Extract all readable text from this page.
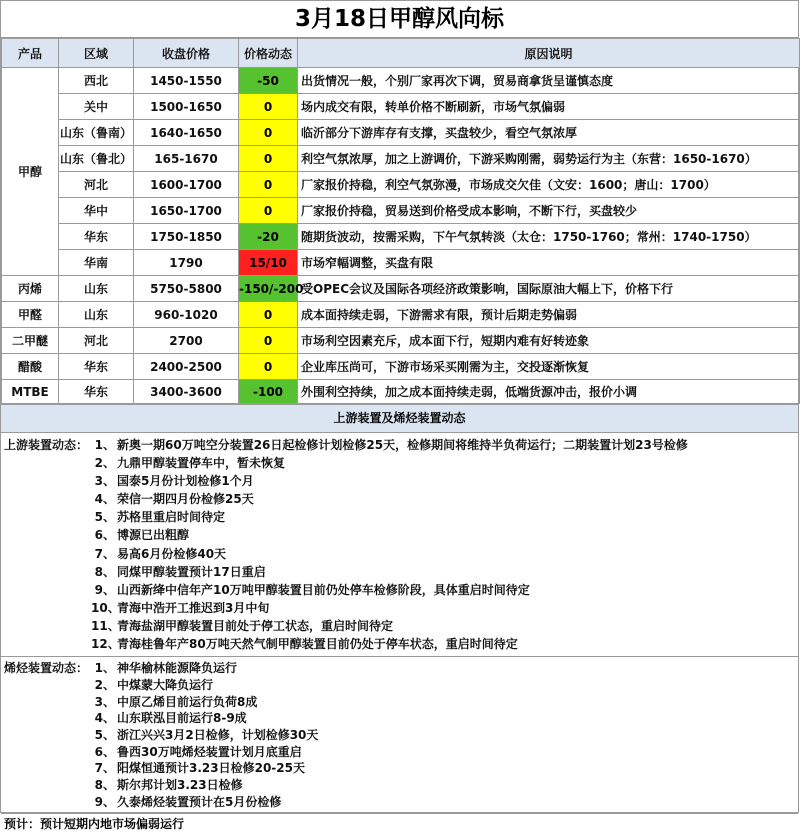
3月18日甲醇风向标
产品	区域	收盘价格	价格动态	原因说明
甲醇	西北	1450-1550	-50	出货情况一般，个别厂家再次下调，贸易商拿货呈谨慎态度
	关中	1500-1650	0	场内成交有限，转单价格不断刷新，市场气氛偏弱
	山东（鲁南）	1640-1650	0	临沂部分下游库存有支撑，买盘较少，看空气氛浓厚
	山东（鲁北）	165-1670	0	利空气氛浓厚，加之上游调价，下游采购刚需，弱势运行为主（东营：1650-1670）
	河北	1600-1700	0	厂家报价持稳，利空气氛弥漫，市场成交欠佳（文安：1600；唐山：1700）
	华中	1650-1700	0	厂家报价持稳，贸易送到价格受成本影响，不断下行，买盘较少
	华东	1750-1850	-20	随期货波动，按需采购，下午气氛转淡（太仓：1750-1760；常州：1740-1750）
	华南	1790	15/10	市场窄幅调整，买盘有限
丙烯	山东	5750-5800	-150/-200	受OPEC会议及国际各项经济政策影响，国际原油大幅上下，价格下行
甲醛	山东	960-1020	0	成本面持续走弱，下游需求有限，预计后期走势偏弱
二甲醚	河北	2700	0	市场利空因素充斥，成本面下行，短期内难有好转迹象
醋酸	华东	2400-2500	0	企业库压尚可，下游市场采买刚需为主，交投逐渐恢复
MTBE	华东	3400-3600	-100	外围利空持续，加之成本面持续走弱，低端货源冲击，报价小调
上游装置及烯烃装置动态
上游装置动态： 1、 新奥一期60万吨空分装置26日起检修计划检修25天，检修期间将维持半负荷运行；二期装置计划23号检修
2、 九鼎甲醇装置停车中，暂未恢复
3、 国泰5月份计划检修1个月
4、 荣信一期四月份检修25天
5、 苏格里重启时间待定
6、 博源已出粗醇
7、 易高6月份检修40天
8、 同煤甲醇装置预计17日重启
9、 山西新绛中信年产10万吨甲醇装置目前仍处停车检修阶段，具体重启时间待定
10、
青海中浩开工推迟到3月中旬
11、
青海盐湖甲醇装置目前处于停工状态，重启时间待定
12、
青海桂鲁年产80万吨天然气制甲醇装置目前仍处于停车状态，重启时间待定
烯烃装置动态： 1、 神华榆林能源降负运行
2、 中煤蒙大降负运行
3、 中原乙烯目前运行负荷8成
4、 山东联泓目前运行8-9成
5、 浙江兴兴3月2日检修，计划检修30天
6、 鲁西30万吨烯烃装置计划月底重启
7、 阳煤恒通预计3.23日检修20-25天
8、 斯尔邦计划3.23日检修
9、 久泰烯烃装置预计在5月份检修
预计：预计短期内地市场偏弱运行
